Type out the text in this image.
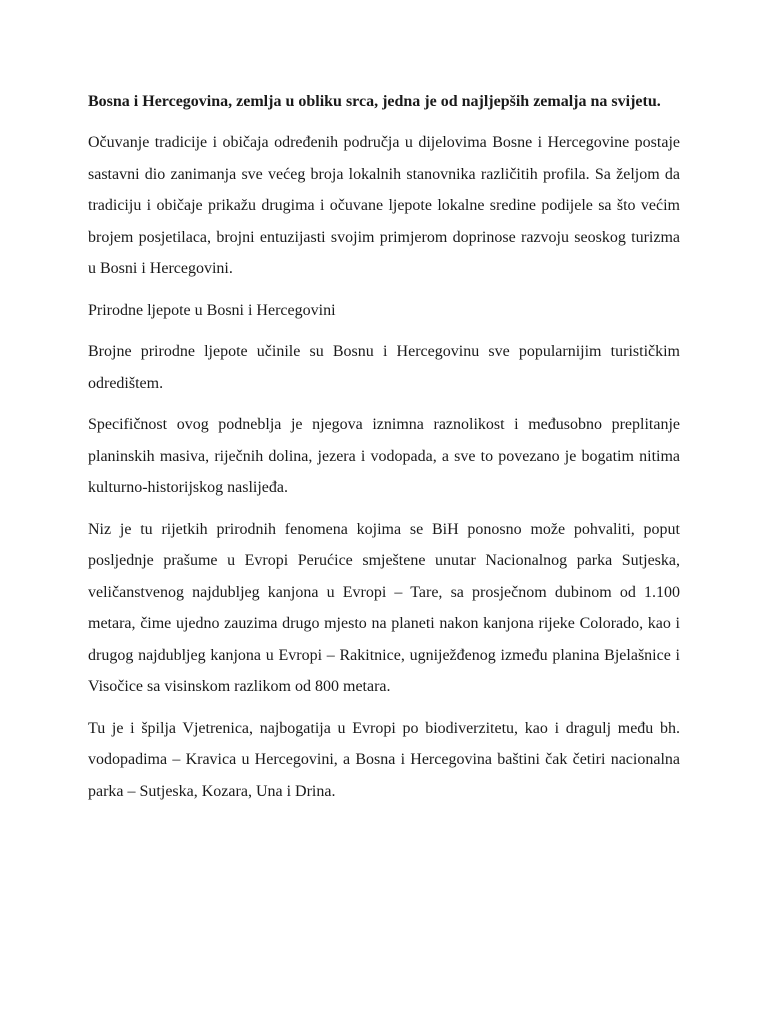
Bosna i Hercegovina, zemlja u obliku srca, jedna je od najljepših zemalja na svijetu.

Očuvanje tradicije i običaja određenih područja u dijelovima Bosne i Hercegovine postaje sastavni dio zanimanja sve većeg broja lokalnih stanovnika različitih profila. Sa željom da tradiciju i običaje prikažu drugima i očuvane ljepote lokalne sredine podijele sa što većim brojem posjetilaca, brojni entuzijasti svojim primjerom doprinose razvoju seoskog turizma u Bosni i Hercegovini.

Prirodne ljepote u Bosni i Hercegovini

Brojne prirodne ljepote učinile su Bosnu i Hercegovinu sve popularnijim turističkim odredištem.

Specifičnost ovog podneblja je njegova iznimna raznolikost i međusobno preplitanje planinskih masiva, riječnih dolina, jezera i vodopada, a sve to povezano je bogatim nitima kulturno-historijskog naslijeđa.

Niz je tu rijetkih prirodnih fenomena kojima se BiH ponosno može pohvaliti, poput posljednje prašume u Evropi Perućice smještene unutar Nacionalnog parka Sutjeska, veličanstvenog najdubljeg kanjona u Evropi – Tare, sa prosječnom dubinom od 1.100 metara, čime ujedno zauzima drugo mjesto na planeti nakon kanjona rijeke Colorado, kao i drugog najdubljeg kanjona u Evropi – Rakitnice, ugniježđenog između planina Bjelašnice i Visočice sa visinskom razlikom od 800 metara.

Tu je i špilja Vjetrenica, najbogatija u Evropi po biodiverzitetu, kao i dragulj među bh. vodopadima – Kravica u Hercegovini, a Bosna i Hercegovina baštini čak četiri nacionalna parka – Sutjeska, Kozara, Una i Drina.
